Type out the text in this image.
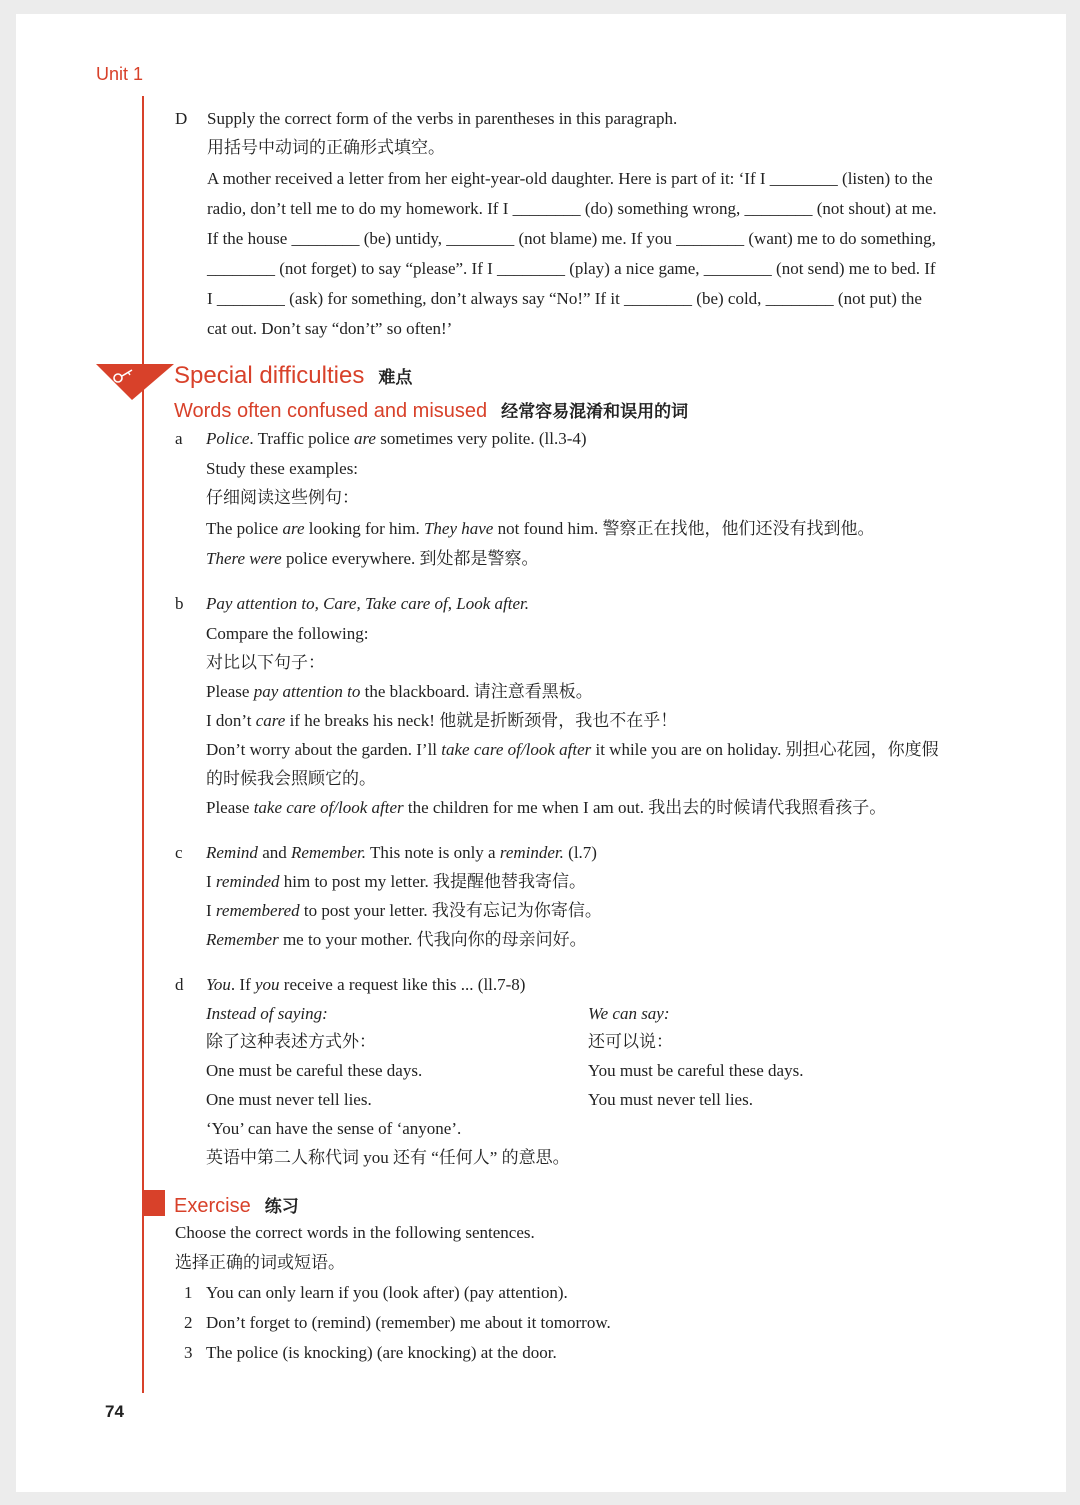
Unit 1
D Supply the correct form of the verbs in parentheses in this paragraph.
用括号中动词的正确形式填空。
A mother received a letter from her eight-year-old daughter. Here is part of it: ‘If I ________ (listen) to the
radio, don’t tell me to do my homework. If I ________ (do) something wrong, ________ (not shout) at me.
If the house ________ (be) untidy, ________ (not blame) me. If you ________ (want) me to do something,
________ (not forget) to say “please”. If I ________ (play) a nice game, ________ (not send) me to bed. If
I ________ (ask) for something, don’t always say “No!” If it ________ (be) cold, ________ (not put) the
cat out. Don’t say “don’t” so often!’
Special difficulties 难点
Words often confused and misused 经常容易混淆和误用的词
a Police. Traffic police are sometimes very polite. (ll.3-4)
Study these examples:
仔细阅读这些例句：
The police are looking for him. They have not found him. 警察正在找他，他们还没有找到他。
There were police everywhere. 到处都是警察。
b Pay attention to, Care, Take care of, Look after.
Compare the following:
对比以下句子：
Please pay attention to the blackboard. 请注意看黑板。
I don’t care if he breaks his neck! 他就是折断颈骨，我也不在乎！
Don’t worry about the garden. I’ll take care of/look after it while you are on holiday. 别担心花园，你度假
的时候我会照顾它的。
Please take care of/look after the children for me when I am out. 我出去的时候请代我照看孩子。
c Remind and Remember. This note is only a reminder. (l.7)
I reminded him to post my letter. 我提醒他替我寄信。
I remembered to post your letter. 我没有忘记为你寄信。
Remember me to your mother. 代我向你的母亲问好。
d You. If you receive a request like this ... (ll.7-8)
Instead of saying:
除了这种表述方式外：
One must be careful these days.
One must never tell lies.
We can say:
还可以说：
You must be careful these days.
You must never tell lies.
‘You’ can have the sense of ‘anyone’.
英语中第二人称代词 you 还有 “任何人” 的意思。
Exercise 练习
Choose the correct words in the following sentences.
选择正确的词或短语。
1 You can only learn if you (look after) (pay attention).
2 Don’t forget to (remind) (remember) me about it tomorrow.
3 The police (is knocking) (are knocking) at the door.
74
